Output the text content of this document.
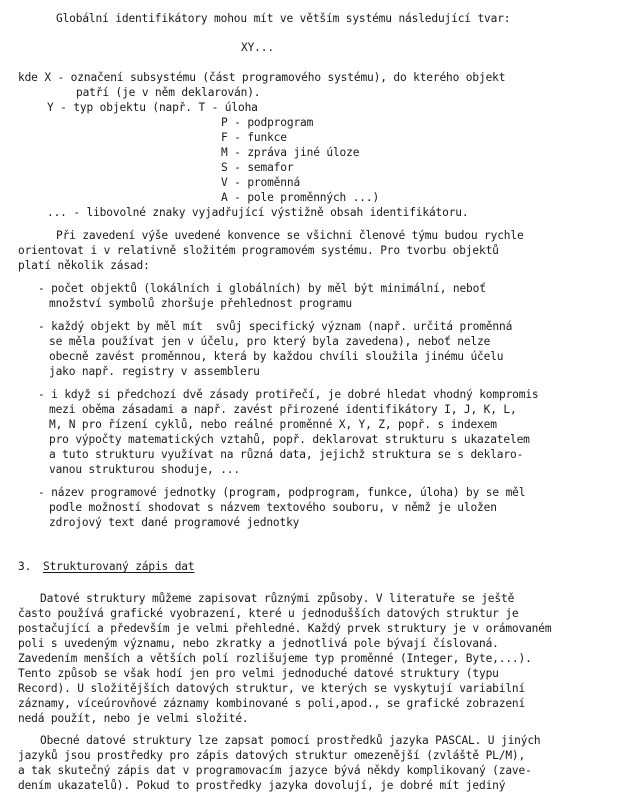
Globální identifikátory mohou mít ve větším systému následující tvar:
XY...
kde X - označení subsystému (část programového systému), do kterého objekt
patří (je v něm deklarován).
Y - typ objektu (např. T - úloha
P - podprogram
F - funkce
M - zpráva jiné úloze
S - semafor
V - proměnná
A - pole proměnných ...)
... - libovolné znaky vyjadřující výstižně obsah identifikátoru.
Při zavedení výše uvedené konvence se všichni členové týmu budou rychle
orientovat i v relativně složitém programovém systému. Pro tvorbu objektů
platí několik zásad:
- počet objektů (lokálních i globálních) by měl být minimální, neboť
množství symbolů zhoršuje přehlednost programu
- každý objekt by měl mít  svůj specifický význam (např. určitá proměnná
se měla používat jen v účelu, pro který byla zavedena), neboť nelze
obecně zavést proměnnou, která by každou chvíli sloužila jinému účelu
jako např. registry v assembleru
- i když si předchozí dvě zásady protiřečí, je dobré hledat vhodný kompromis
mezi oběma zásadami a např. zavést přirozené identifikátory I, J, K, L,
M, N pro řízení cyklů, nebo reálné proměnné X, Y, Z, popř. s indexem
pro výpočty matematických vztahů, popř. deklarovat strukturu s ukazatelem
a tuto strukturu využívat na různá data, jejichž struktura se s deklaro-
vanou strukturou shoduje, ...
- název programové jednotky (program, podprogram, funkce, úloha) by se měl
podle možností shodovat s názvem textového souboru, v němž je uložen
zdrojový text dané programové jednotky
3. Strukturovaný zápis dat
Datové struktury můžeme zapisovat různými způsoby. V literatuře se ještě
často používá grafické vyobrazení, které u jednodušších datových struktur je
postačující a především je velmi přehledné. Každý prvek struktury je v orámovaném
poli s uvedeným významu, nebo zkratky a jednotlivá pole bývají číslovaná.
Zavedením menších a větších polí rozlišujeme typ proměnné (Integer, Byte,...).
Tento způsob se však hodí jen pro velmi jednoduché datové struktury (typu
Record). U složitějších datových struktur, ve kterých se vyskytují variabilní
záznamy, víceúrovňové záznamy kombinované s poli,apod., se grafické zobrazení
nedá použít, nebo je velmi složité.
Obecné datové struktury lze zapsat pomocí prostředků jazyka PASCAL. U jiných
jazyků jsou prostředky pro zápis datových struktur omezenější (zvláště PL/M),
a tak skutečný zápis dat v programovacím jazyce bývá někdy komplikovaný (zave-
dením ukazatelů). Pokud to prostředky jazyka dovolují, je dobré mít jediný
